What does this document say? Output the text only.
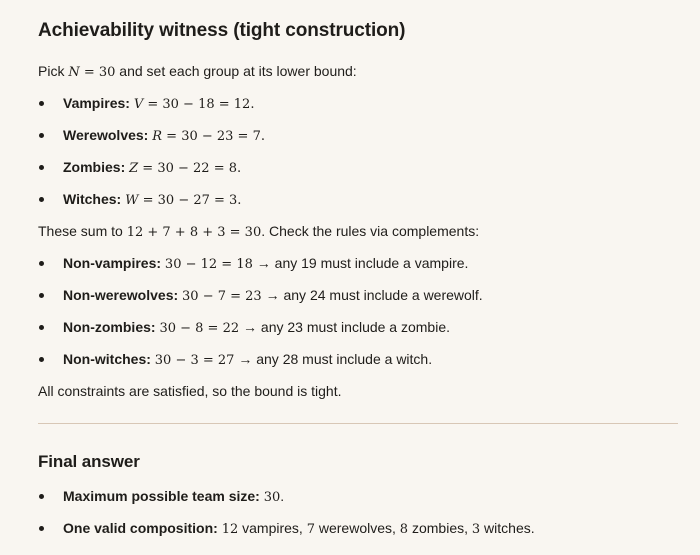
Achievability witness (tight construction)

Pick N = 30 and set each group at its lower bound:

Vampires: V = 30 − 18 = 12.
Werewolves: R = 30 − 23 = 7.
Zombies: Z = 30 − 22 = 8.
Witches: W = 30 − 27 = 3.

These sum to 12 + 7 + 8 + 3 = 30. Check the rules via complements:

Non-vampires: 30 − 12 = 18 → any 19 must include a vampire.
Non-werewolves: 30 − 7 = 23 → any 24 must include a werewolf.
Non-zombies: 30 − 8 = 22 → any 23 must include a zombie.
Non-witches: 30 − 3 = 27 → any 28 must include a witch.

All constraints are satisfied, so the bound is tight.

Final answer
Maximum possible team size: 30.
One valid composition: 12 vampires, 7 werewolves, 8 zombies, 3 witches.
